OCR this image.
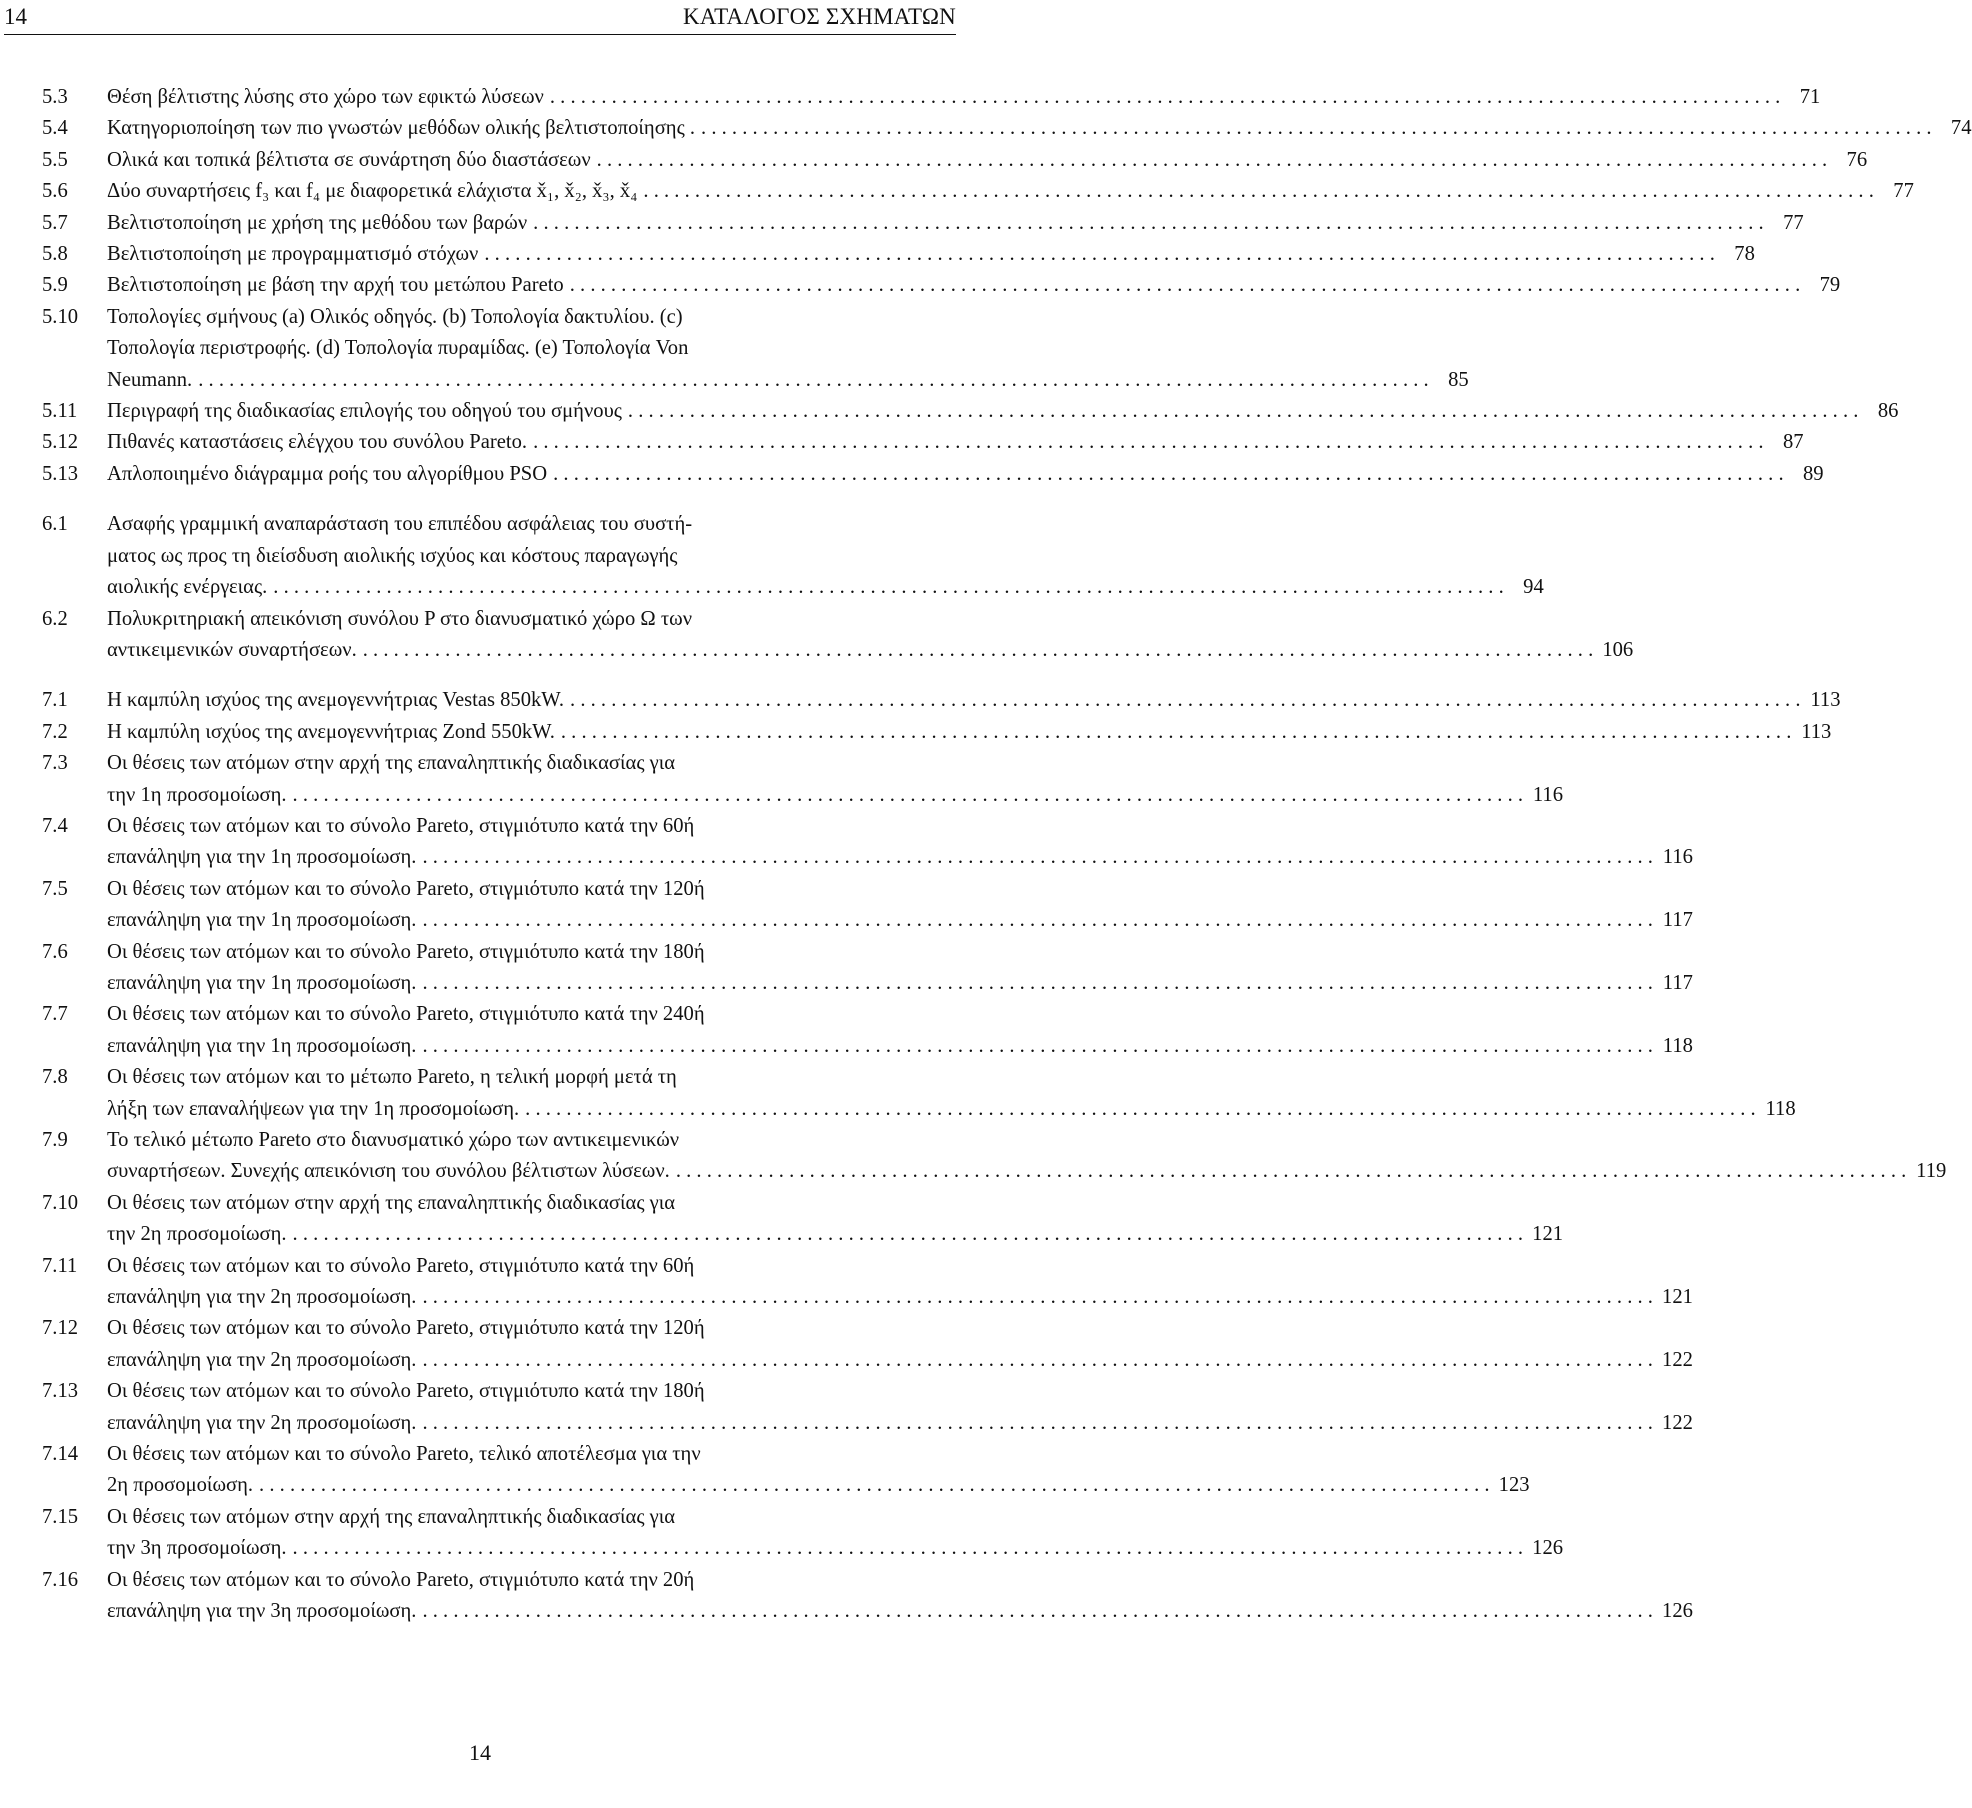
14	ΚΑΤΑΛΟΓΟΣ ΣΧΗΜΑΤΩΝ
5.3	Θέση βέλτιστης λύσης στο χώρο των εφικτώ λύσεων . . . . . . . . . . . . . . . . . . . . . . . . . . . . . . . . . . . . . . . . . . . . . . . . . . . . . . . . . . . . . . . . . . . . . . . . . . . . . . . . . . . . . . . . . . . . . . . . . . . . . . . . . . . . . . . . . . . . . . . . 71
5.4	Κατηγοριοποίηση των πιο γνωστών μεθόδων ολικής βελτιστοποίησης . . . . . . . . . . . . . . . . . . . . . . . . . . . . . . . . . . . . . . . . . . . . . . . . . . . . . . . . . . . . . . . . . . . . . . . . . . . . . . . . . . . . . . . . . . . . . . . . . . . . . . . . . . . . . . . . . . . . . . . . . 74
5.5	Ολικά και τοπικά βέλτιστα σε συνάρτηση δύο διαστάσεων . . . . . . . . . . . . . . . . . . . . . . . . . . . . . . . . . . . . . . . . . . . . . . . . . . . . . . . . . . . . . . . . . . . . . . . . . . . . . . . . . . . . . . . . . . . . . . . . . . . . . . . . . . . . . . . . . . . . . . . . 76
5.6	Δύο συναρτήσεις f₃ και f₄ με διαφορετικά ελάχιστα x̌₁, x̌₂, x̌₃, x̌₄ . . . . . . . . . . . . . . . . . . . . . . . . . . . . . . . . . . . . . . . . . . . . . . . . . . . . . . . . . . . . . . . . . . . . . . . . . . . . . . . . . . . . . . . . . . . . . . . . . . . . . . . . . . . . . . . . . . . . . . . . 77
5.7	Βελτιστοποίηση με χρήση της μεθόδου των βαρών . . . . . . . . . . . . . . . . . . . . . . . . . . . . . . . . . . . . . . . . . . . . . . . . . . . . . . . . . . . . . . . . . . . . . . . . . . . . . . . . . . . . . . . . . . . . . . . . . . . . . . . . . . . . . . . . . . . . . . . . 77
5.8	Βελτιστοποίηση με προγραμματισμό στόχων . . . . . . . . . . . . . . . . . . . . . . . . . . . . . . . . . . . . . . . . . . . . . . . . . . . . . . . . . . . . . . . . . . . . . . . . . . . . . . . . . . . . . . . . . . . . . . . . . . . . . . . . . . . . . . . . . . . . . . . . 78
5.9	Βελτιστοποίηση με βάση την αρχή του μετώπου Pareto . . . . . . . . . . . . . . . . . . . . . . . . . . . . . . . . . . . . . . . . . . . . . . . . . . . . . . . . . . . . . . . . . . . . . . . . . . . . . . . . . . . . . . . . . . . . . . . . . . . . . . . . . . . . . . . . . . . . . . . . 79
5.10	Τοπολογίες σμήνους (a) Ολικός οδηγός. (b) Τοπολογία δακτυλίου. (c)
Τοπολογία περιστροφής. (d) Τοπολογία πυραμίδας. (e) Τοπολογία Von
Neumann. . . . . . . . . . . . . . . . . . . . . . . . . . . . . . . . . . . . . . . . . . . . . . . . . . . . . . . . . . . . . . . . . . . . . . . . . . . . . . . . . . . . . . . . . . . . . . . . . . . . . . . . . . . . . . . . . . . . . . . . . 85
5.11	Περιγραφή της διαδικασίας επιλογής του οδηγού του σμήνους . . . . . . . . . . . . . . . . . . . . . . . . . . . . . . . . . . . . . . . . . . . . . . . . . . . . . . . . . . . . . . . . . . . . . . . . . . . . . . . . . . . . . . . . . . . . . . . . . . . . . . . . . . . . . . . . . . . . . . . . 86
5.12	Πιθανές καταστάσεις ελέγχου του συνόλου Pareto. . . . . . . . . . . . . . . . . . . . . . . . . . . . . . . . . . . . . . . . . . . . . . . . . . . . . . . . . . . . . . . . . . . . . . . . . . . . . . . . . . . . . . . . . . . . . . . . . . . . . . . . . . . . . . . . . . . . . . . . . 87
5.13	Απλοποιημένο διάγραμμα ροής του αλγορίθμου PSO . . . . . . . . . . . . . . . . . . . . . . . . . . . . . . . . . . . . . . . . . . . . . . . . . . . . . . . . . . . . . . . . . . . . . . . . . . . . . . . . . . . . . . . . . . . . . . . . . . . . . . . . . . . . . . . . . . . . . . . . 89
6.1	Ασαφής γραμμική αναπαράσταση του επιπέδου ασφάλειας του συστή-
ματος ως προς τη διείσδυση αιολικής ισχύος και κόστους παραγωγής
αιολικής ενέργειας. . . . . . . . . . . . . . . . . . . . . . . . . . . . . . . . . . . . . . . . . . . . . . . . . . . . . . . . . . . . . . . . . . . . . . . . . . . . . . . . . . . . . . . . . . . . . . . . . . . . . . . . . . . . . . . . . . . . . . . . . 94
6.2	Πολυκριτηριακή απεικόνιση συνόλου P στο διανυσματικό χώρο Ω των
αντικειμενικών συναρτήσεων. . . . . . . . . . . . . . . . . . . . . . . . . . . . . . . . . . . . . . . . . . . . . . . . . . . . . . . . . . . . . . . . . . . . . . . . . . . . . . . . . . . . . . . . . . . . . . . . . . . . . . . . . . . . . . . . . . . . . . . . . 106
7.1	Η καμπύλη ισχύος της ανεμογεννήτριας Vestas 850kW. . . . . . . . . . . . . . . . . . . . . . . . . . . . . . . . . . . . . . . . . . . . . . . . . . . . . . . . . . . . . . . . . . . . . . . . . . . . . . . . . . . . . . . . . . . . . . . . . . . . . . . . . . . . . . . . . . . . . . . . . 113
7.2	Η καμπύλη ισχύος της ανεμογεννήτριας Zond 550kW. . . . . . . . . . . . . . . . . . . . . . . . . . . . . . . . . . . . . . . . . . . . . . . . . . . . . . . . . . . . . . . . . . . . . . . . . . . . . . . . . . . . . . . . . . . . . . . . . . . . . . . . . . . . . . . . . . . . . . . . . 113
7.3	Οι θέσεις των ατόμων στην αρχή της επαναληπτικής διαδικασίας για
την 1η προσομοίωση. . . . . . . . . . . . . . . . . . . . . . . . . . . . . . . . . . . . . . . . . . . . . . . . . . . . . . . . . . . . . . . . . . . . . . . . . . . . . . . . . . . . . . . . . . . . . . . . . . . . . . . . . . . . . . . . . . . . . . . . . 116
7.4	Οι θέσεις των ατόμων και το σύνολο Pareto, στιγμιότυπο κατά την 60ή
επανάληψη για την 1η προσομοίωση. . . . . . . . . . . . . . . . . . . . . . . . . . . . . . . . . . . . . . . . . . . . . . . . . . . . . . . . . . . . . . . . . . . . . . . . . . . . . . . . . . . . . . . . . . . . . . . . . . . . . . . . . . . . . . . . . . . . . . . . . 116
7.5	Οι θέσεις των ατόμων και το σύνολο Pareto, στιγμιότυπο κατά την 120ή
επανάληψη για την 1η προσομοίωση. . . . . . . . . . . . . . . . . . . . . . . . . . . . . . . . . . . . . . . . . . . . . . . . . . . . . . . . . . . . . . . . . . . . . . . . . . . . . . . . . . . . . . . . . . . . . . . . . . . . . . . . . . . . . . . . . . . . . . . . . 117
7.6	Οι θέσεις των ατόμων και το σύνολο Pareto, στιγμιότυπο κατά την 180ή
επανάληψη για την 1η προσομοίωση. . . . . . . . . . . . . . . . . . . . . . . . . . . . . . . . . . . . . . . . . . . . . . . . . . . . . . . . . . . . . . . . . . . . . . . . . . . . . . . . . . . . . . . . . . . . . . . . . . . . . . . . . . . . . . . . . . . . . . . . . 117
7.7	Οι θέσεις των ατόμων και το σύνολο Pareto, στιγμιότυπο κατά την 240ή
επανάληψη για την 1η προσομοίωση. . . . . . . . . . . . . . . . . . . . . . . . . . . . . . . . . . . . . . . . . . . . . . . . . . . . . . . . . . . . . . . . . . . . . . . . . . . . . . . . . . . . . . . . . . . . . . . . . . . . . . . . . . . . . . . . . . . . . . . . . 118
7.8	Οι θέσεις των ατόμων και το μέτωπο Pareto, η τελική μορφή μετά τη
λήξη των επαναλήψεων για την 1η προσομοίωση. . . . . . . . . . . . . . . . . . . . . . . . . . . . . . . . . . . . . . . . . . . . . . . . . . . . . . . . . . . . . . . . . . . . . . . . . . . . . . . . . . . . . . . . . . . . . . . . . . . . . . . . . . . . . . . . . . . . . . . . . 118
7.9	Το τελικό μέτωπο Pareto στο διανυσματικό χώρο των αντικειμενικών
συναρτήσεων. Συνεχής απεικόνιση του συνόλου βέλτιστων λύσεων. . . . . . . . . . . . . . . . . . . . . . . . . . . . . . . . . . . . . . . . . . . . . . . . . . . . . . . . . . . . . . . . . . . . . . . . . . . . . . . . . . . . . . . . . . . . . . . . . . . . . . . . . . . . . . . . . . . . . . . . . 119
7.10	Οι θέσεις των ατόμων στην αρχή της επαναληπτικής διαδικασίας για
την 2η προσομοίωση. . . . . . . . . . . . . . . . . . . . . . . . . . . . . . . . . . . . . . . . . . . . . . . . . . . . . . . . . . . . . . . . . . . . . . . . . . . . . . . . . . . . . . . . . . . . . . . . . . . . . . . . . . . . . . . . . . . . . . . . . 121
7.11	Οι θέσεις των ατόμων και το σύνολο Pareto, στιγμιότυπο κατά την 60ή
επανάληψη για την 2η προσομοίωση. . . . . . . . . . . . . . . . . . . . . . . . . . . . . . . . . . . . . . . . . . . . . . . . . . . . . . . . . . . . . . . . . . . . . . . . . . . . . . . . . . . . . . . . . . . . . . . . . . . . . . . . . . . . . . . . . . . . . . . . . 121
7.12	Οι θέσεις των ατόμων και το σύνολο Pareto, στιγμιότυπο κατά την 120ή
επανάληψη για την 2η προσομοίωση. . . . . . . . . . . . . . . . . . . . . . . . . . . . . . . . . . . . . . . . . . . . . . . . . . . . . . . . . . . . . . . . . . . . . . . . . . . . . . . . . . . . . . . . . . . . . . . . . . . . . . . . . . . . . . . . . . . . . . . . . 122
7.13	Οι θέσεις των ατόμων και το σύνολο Pareto, στιγμιότυπο κατά την 180ή
επανάληψη για την 2η προσομοίωση. . . . . . . . . . . . . . . . . . . . . . . . . . . . . . . . . . . . . . . . . . . . . . . . . . . . . . . . . . . . . . . . . . . . . . . . . . . . . . . . . . . . . . . . . . . . . . . . . . . . . . . . . . . . . . . . . . . . . . . . . 122
7.14	Οι θέσεις των ατόμων και το σύνολο Pareto, τελικό αποτέλεσμα για την
2η προσομοίωση. . . . . . . . . . . . . . . . . . . . . . . . . . . . . . . . . . . . . . . . . . . . . . . . . . . . . . . . . . . . . . . . . . . . . . . . . . . . . . . . . . . . . . . . . . . . . . . . . . . . . . . . . . . . . . . . . . . . . . . . . 123
7.15	Οι θέσεις των ατόμων στην αρχή της επαναληπτικής διαδικασίας για
την 3η προσομοίωση. . . . . . . . . . . . . . . . . . . . . . . . . . . . . . . . . . . . . . . . . . . . . . . . . . . . . . . . . . . . . . . . . . . . . . . . . . . . . . . . . . . . . . . . . . . . . . . . . . . . . . . . . . . . . . . . . . . . . . . . . 126
7.16	Οι θέσεις των ατόμων και το σύνολο Pareto, στιγμιότυπο κατά την 20ή
επανάληψη για την 3η προσομοίωση. . . . . . . . . . . . . . . . . . . . . . . . . . . . . . . . . . . . . . . . . . . . . . . . . . . . . . . . . . . . . . . . . . . . . . . . . . . . . . . . . . . . . . . . . . . . . . . . . . . . . . . . . . . . . . . . . . . . . . . . . 126
14
